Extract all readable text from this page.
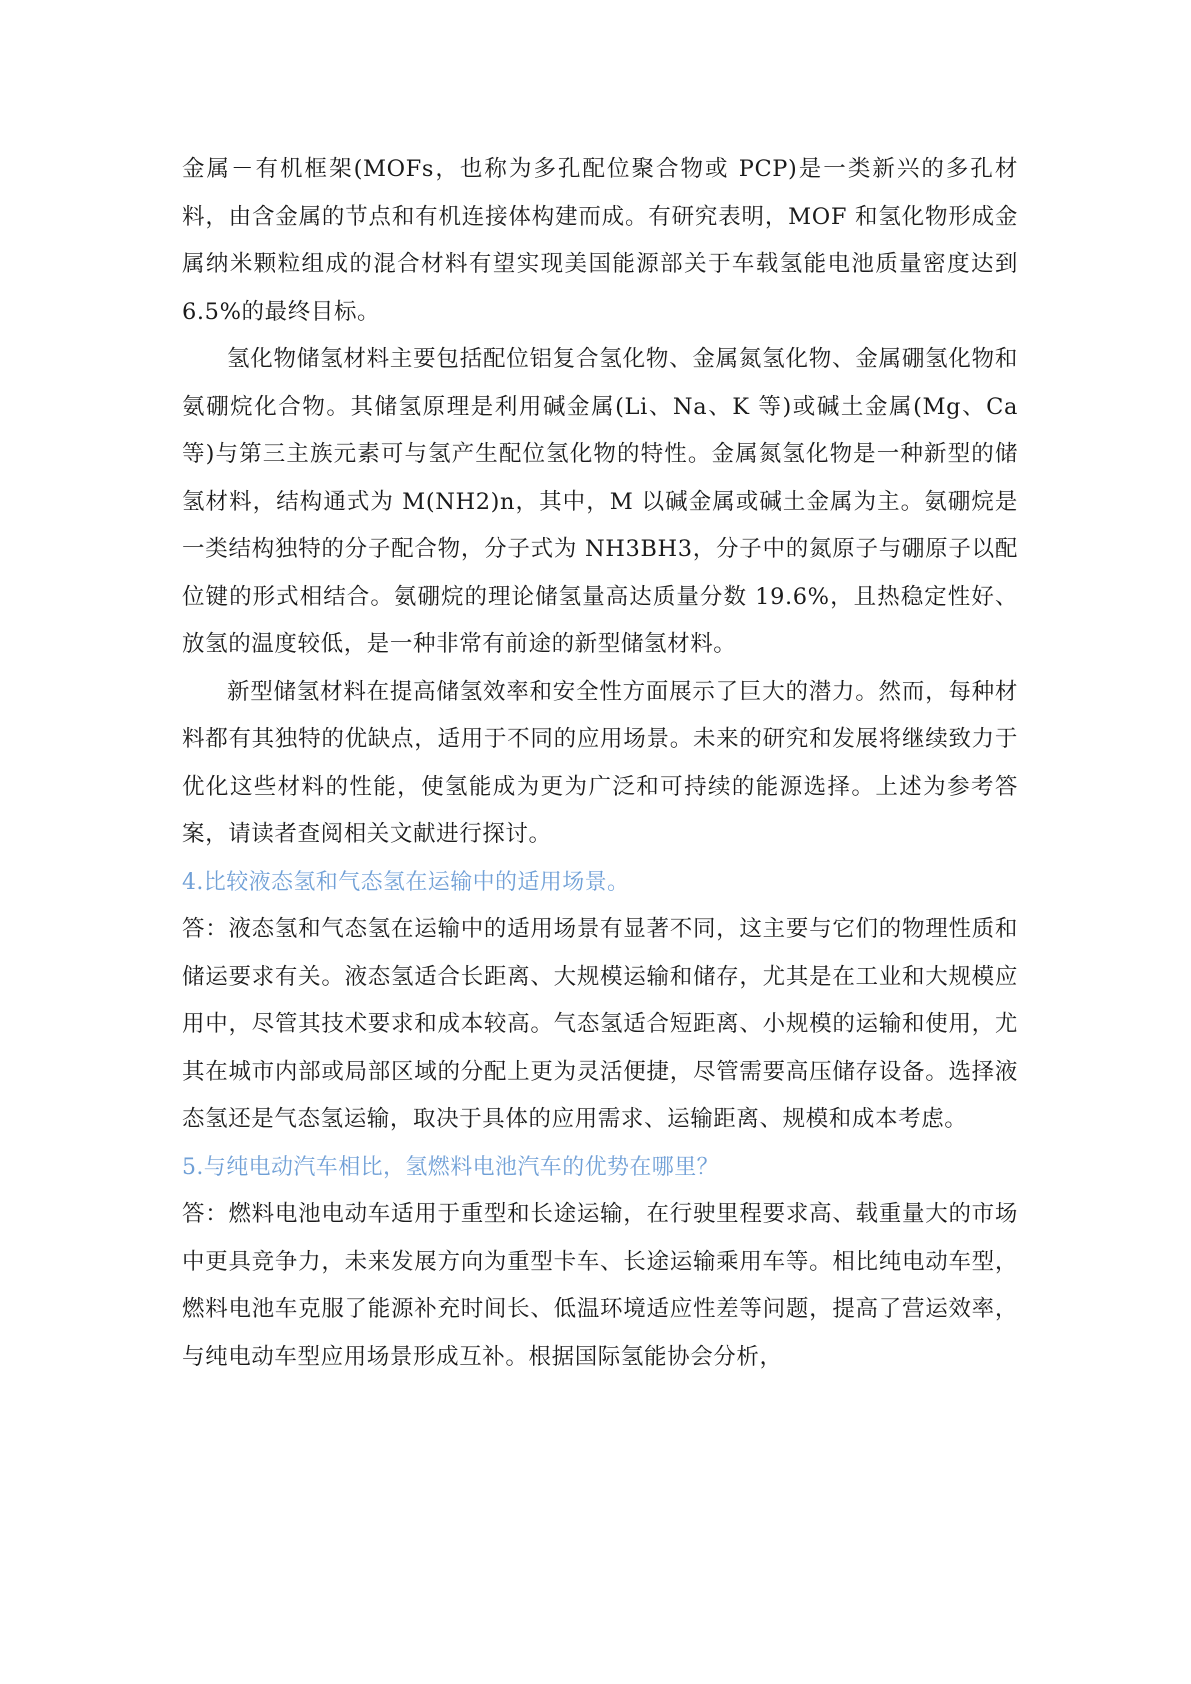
金属－有机框架(MOFs，也称为多孔配位聚合物或 PCP)是一类新兴的多孔材料，由含金属的节点和有机连接体构建而成。有研究表明，MOF 和氢化物形成金属纳米颗粒组成的混合材料有望实现美国能源部关于车载氢能电池质量密度达到 6.5%的最终目标。

氢化物储氢材料主要包括配位铝复合氢化物、金属氮氢化物、金属硼氢化物和氨硼烷化合物。其储氢原理是利用碱金属(Li、Na、K 等)或碱土金属(Mg、Ca 等)与第三主族元素可与氢产生配位氢化物的特性。金属氮氢化物是一种新型的储氢材料，结构通式为 M(NH2)n，其中，M 以碱金属或碱土金属为主。氨硼烷是一类结构独特的分子配合物，分子式为 NH3BH3，分子中的氮原子与硼原子以配位键的形式相结合。氨硼烷的理论储氢量高达质量分数 19.6%，且热稳定性好、放氢的温度较低，是一种非常有前途的新型储氢材料。

新型储氢材料在提高储氢效率和安全性方面展示了巨大的潜力。然而，每种材料都有其独特的优缺点，适用于不同的应用场景。未来的研究和发展将继续致力于优化这些材料的性能，使氢能成为更为广泛和可持续的能源选择。上述为参考答案，请读者查阅相关文献进行探讨。

4.比较液态氢和气态氢在运输中的适用场景。

答：液态氢和气态氢在运输中的适用场景有显著不同，这主要与它们的物理性质和储运要求有关。液态氢适合长距离、大规模运输和储存，尤其是在工业和大规模应用中，尽管其技术要求和成本较高。气态氢适合短距离、小规模的运输和使用，尤其在城市内部或局部区域的分配上更为灵活便捷，尽管需要高压储存设备。选择液态氢还是气态氢运输，取决于具体的应用需求、运输距离、规模和成本考虑。

5.与纯电动汽车相比，氢燃料电池汽车的优势在哪里？

答：燃料电池电动车适用于重型和长途运输，在行驶里程要求高、载重量大的市场中更具竞争力，未来发展方向为重型卡车、长途运输乘用车等。相比纯电动车型，燃料电池车克服了能源补充时间长、低温环境适应性差等问题，提高了营运效率，与纯电动车型应用场景形成互补。根据国际氢能协会分析，
